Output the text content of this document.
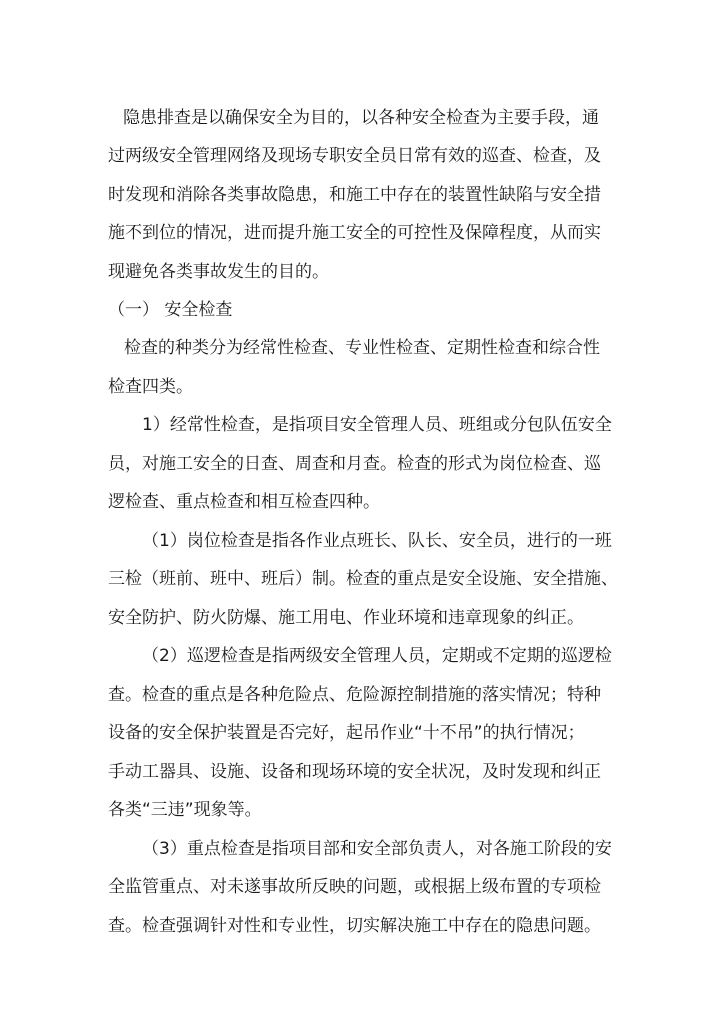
隐患排查是以确保安全为目的，以各种安全检查为主要手段，通

过两级安全管理网络及现场专职安全员日常有效的巡查、检查，及

时发现和消除各类事故隐患，和施工中存在的装置性缺陷与安全措

施不到位的情况，进而提升施工安全的可控性及保障程度，从而实

现避免各类事故发生的目的。

（一） 安全检查

检查的种类分为经常性检查、专业性检查、定期性检查和综合性

检查四类。

1）经常性检查，是指项目安全管理人员、班组或分包队伍安全

员，对施工安全的日查、周查和月查。检查的形式为岗位检查、巡

逻检查、重点检查和相互检查四种。

（1）岗位检查是指各作业点班长、队长、安全员，进行的一班

三检（班前、班中、班后）制。检查的重点是安全设施、安全措施、

安全防护、防火防爆、施工用电、作业环境和违章现象的纠正。

（2）巡逻检查是指两级安全管理人员，定期或不定期的巡逻检

查。检查的重点是各种危险点、危险源控制措施的落实情况；特种

设备的安全保护装置是否完好，起吊作业“十不吊”的执行情况；

手动工器具、设施、设备和现场环境的安全状况，及时发现和纠正

各类“三违”现象等。

（3）重点检查是指项目部和安全部负责人，对各施工阶段的安

全监管重点、对未遂事故所反映的问题，或根据上级布置的专项检

查。检查强调针对性和专业性，切实解决施工中存在的隐患问题。
